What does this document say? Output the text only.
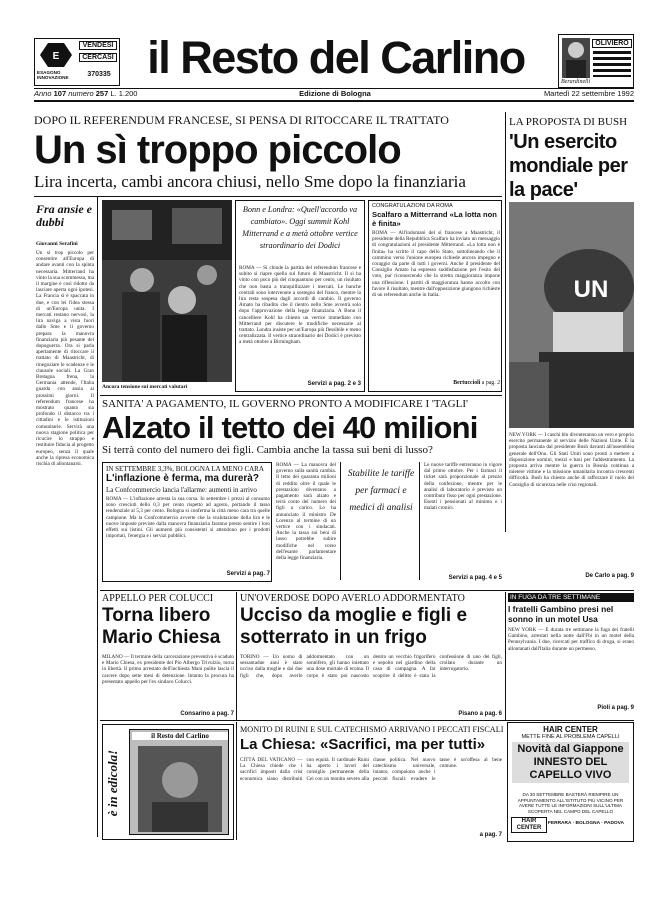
VENDESI
CERCASI
E
ESAGONO INNOVAZIONE	370335 il Resto del Carlino	OLIVIERO
Berardinelli
Anno 107 numero 257 L. 1.200	Edizione di Bologna	Martedì 22 settembre 1992
DOPO IL REFERENDUM FRANCESE, SI PENSA DI RITOCCARE IL TRATTATO
Un sì troppo piccolo
Lira incerta, cambi ancora chiusi, nello Sme dopo la finanziaria
Fra ansie e dubbi
Giovanni Serafini
Un sì trop piccolo per consentire all'Europa di andare avanti con la spinta necessaria. Mitterrand ha vinto la sua scommessa, ma il margine è così ridotto da lasciare aperta ogni ipotesi. La Francia si è spaccata in due, e con lei l'idea stessa di un'Europa unita. I mercati restano nervosi, la lira naviga a vista fuori dallo Sme e il governo prepara la manovra finanziaria più pesante del dopoguerra. Ora si parla apertamente di ritoccare il trattato di Maastricht, di rinegoziare le scadenze e le clausole sociali. La Gran Bretagna frena, la Germania attende, l'Italia guarda con ansia ai prossimi giorni. Il referendum francese ha mostrato quanto sia profondo il distacco tra i cittadini e le istituzioni comunitarie. Servirà una nuova stagione politica per ricucire lo strappo e restituire fiducia al progetto europeo, senza il quale anche la ripresa economica rischia di allontanarsi.
Ancora tensione sui mercati valutari
Bonn e Londra: «Quell'accordo va cambiato». Oggi summit Kohl Mitterrand e a metà ottobre vertice straordinario dei Dodici
ROMA — Si chiude la partita del referendum francese e subito si riapre quella sul futuro di Maastricht. Il sì ha vinto con poco più del cinquantuno per cento, un risultato che non basta a tranquillizzare i mercati. Le banche centrali sono intervenute a sostegno del franco, mentre la lira resta sospesa dagli accordi di cambio. Il governo Amato ha ribadito che il rientro nello Sme avverrà solo dopo l'approvazione della legge finanziaria. A Bonn il cancelliere Kohl ha chiesto un vertice immediato con Mitterrand per discutere le modifiche necessarie al trattato. Londra insiste per un'Europa più flessibile e meno centralizzata. Il vertice straordinario dei Dodici è previsto a metà ottobre a Birmingham.
Servizi a pag. 2 e 3
CONGRATULAZIONI DA ROMA
Scalfaro a Mitterrand «La lotta non è finita»
ROMA — All'indomani del sì francese a Maastricht, il presidente della Repubblica Scalfaro ha inviato un messaggio di congratulazioni al presidente Mitterrand. «La lotta non è finita» ha scritto il capo dello Stato, sottolineando che il cammino verso l'unione europea richiede ancora impegno e coraggio da parte di tutti i governi. Anche il presidente del Consiglio Amato ha espresso soddisfazione per l'esito del voto, pur riconoscendo che la stretta maggioranza impone una riflessione. I partiti di maggioranza hanno accolto con favore il risultato, mentre dall'opposizione giungono richieste di un referendum anche in Italia.
Bertuccioli a pag. 2
LA PROPOSTA DI BUSH
'Un esercito mondiale per la pace'
UN
NEW YORK — I caschi blu diventeranno un vero e proprio esercito permanente al servizio delle Nazioni Unite. È la proposta lanciata dal presidente Bush davanti all'assemblea generale dell'Onu. Gli Stati Uniti sono pronti a mettere a disposizione uomini, mezzi e basi per l'addestramento. La proposta arriva mentre la guerra in Bosnia continua a mietere vittime e la missione umanitaria incontra crescenti difficoltà. Bush ha chiesto anche di rafforzare il ruolo del Consiglio di sicurezza nelle crisi regionali.
De Carlo a pag. 9
SANITA' A PAGAMENTO, IL GOVERNO PRONTO A MODIFICARE I 'TAGLI'
Alzato il tetto dei 40 milioni
Si terrà conto del numero dei figli. Cambia anche la tassa sui beni di lusso?
IN SETTEMBRE 3,3%, BOLOGNA LA MENO CARA
L'inflazione è ferma, ma durerà?
La Confcommercio lancia l'allarme: aumenti in arrivo
ROMA — L'inflazione arresta la sua corsa. In settembre i prezzi al consumo sono cresciuti dello 0,3 per cento rispetto ad agosto, portando il tasso tendenziale al 5,3 per cento. Bologna si conferma la città meno cara tra quelle campione. Ma la Confcommercio avverte che la svalutazione della lira e le nuove imposte previste dalla manovra finanziaria faranno presto sentire i loro effetti sui listini. Gli aumenti più consistenti si attendono per i prodotti importati, l'energia e i servizi pubblici.
Servizi a pag. 7
ROMA — La manovra del governo sulla sanità cambia. Il tetto dei quaranta milioni di reddito oltre il quale le prestazioni diventano a pagamento sarà alzato e terrà conto del numero dei figli a carico. Lo ha annunciato il ministro De Lorenzo al termine di un vertice con i sindacati. Anche la tassa sui beni di lusso potrebbe subire modifiche nel corso dell'esame parlamentare della legge finanziaria.
Stabilite le tariffe per farmaci e medici di analisi
Le nuove tariffe entreranno in vigore dal primo ottobre. Per i farmaci il ticket sarà proporzionale al prezzo della confezione, mentre per le analisi di laboratorio è previsto un contributo fisso per ogni prestazione. Esenti i pensionati al minimo e i malati cronici.
Servizi a pag. 4 e 5
APPELLO PER COLUCCI
Torna libero Mario Chiesa
MILANO — Il termine della carcerazione preventiva è scaduto e Mario Chiesa, ex presidente del Pio Albergo Trivulzio, torna in libertà. Il primo arrestato dell'inchiesta Mani pulite lascia il carcere dopo sette mesi di detenzione. Intanto la procura ha presentato appello per l'ex sindaco Colucci.
Consarino a pag. 7
UN'OVERDOSE DOPO AVERLO ADDORMENTATO
Ucciso da moglie e figli e sotterrato in un frigo
TORINO — Un uomo di sessantadue anni è stato ucciso dalla moglie e dai due figli che, dopo averlo addormentato con un sonnifero, gli hanno iniettato una dose mortale di eroina. Il corpo è stato poi nascosto dentro un vecchio frigorifero e sepolto nel giardino della casa di campagna. A far scoprire il delitto è stata la confessione di uno dei figli, crollato durante un interrogatorio.
Pisano a pag. 6
IN FUGA DA TRE SETTIMANE
I fratelli Gambino presi nel sonno in un motel Usa
NEW YORK — È durata tre settimane la fuga dei fratelli Gambino, arrestati nella notte dall'Fbi in un motel della Pennsylvania. I due, ricercati per traffico di droga, si erano allontanati dall'Italia durante un permesso.
Pioli a pag. 9
è in edicola!
il Resto del Carlino
MONITO DI RUINI E SUL CATECHISMO ARRIVANO I PECCATI FISCALI
La Chiesa: «Sacrifici, ma per tutti»
CITTÀ DEL VATICANO — La Chiesa chiede che i sacrifici imposti dalla crisi economica siano distribuiti con equità. Il cardinale Ruini ha aperto i lavori del consiglio permanente della Cei con un monito severo alla classe politica. Nel nuovo catechismo universale, intanto, compaiono anche i peccati fiscali: evadere le tasse è un'offesa al bene comune.
a pag. 7
HAIR CENTER
METTE FINE AL PROBLEMA CAPELLI
Novità dal Giappone INNESTO DEL CAPELLO VIVO
DA 30 SETTEMBRE BASTERÀ RIEMPIRE UN APPUNTAMENTO ALL'ISTITUTO PIÙ VICINO PER AVERE TUTTE LE INFORMAZIONI SULL'ULTIMA SCOPERTA NEL CAMPO DEL CAPELLO
FERRARA · BOLOGNA · PADOVA
HAIR CENTER
